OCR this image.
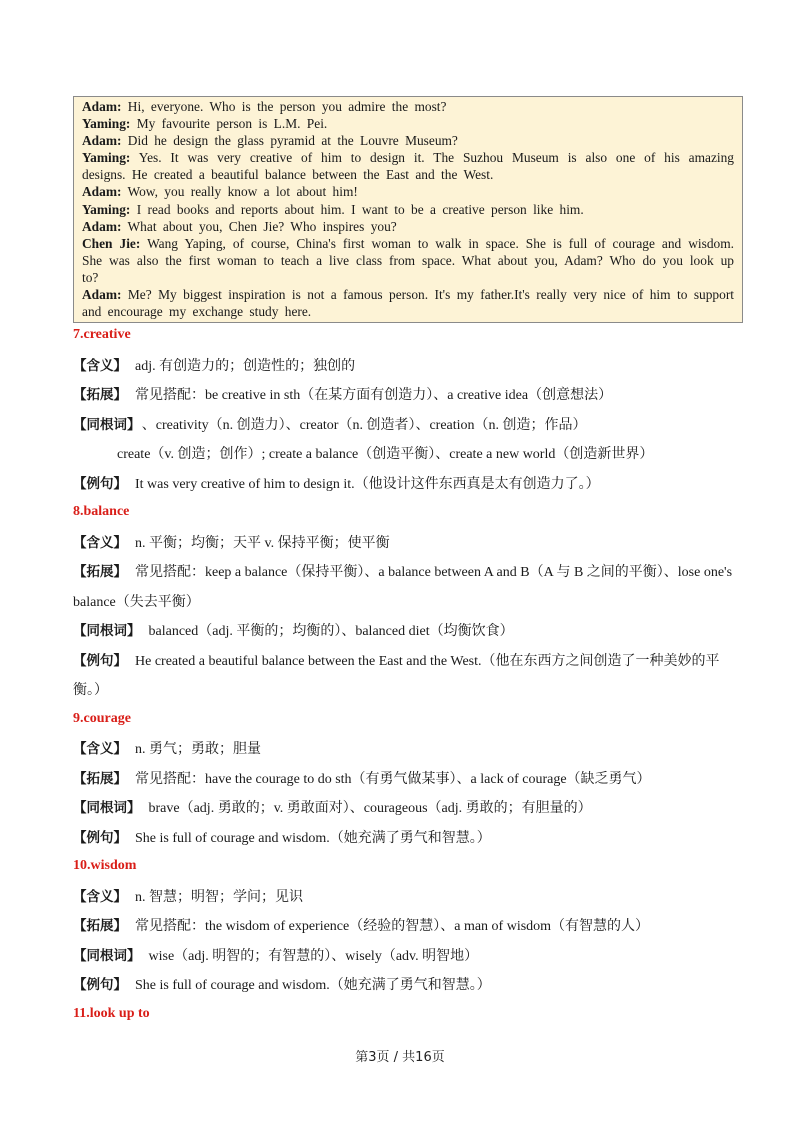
Adam: Hi, everyone. Who is the person you admire the most?

Yaming: My favourite person is L.M. Pei.

Adam: Did he design the glass pyramid at the Louvre Museum?

Yaming: Yes. It was very creative of him to design it. The Suzhou Museum is also one of his amazing designs. He created a beautiful balance between the East and the West.

Adam: Wow, you really know a lot about him!

Yaming: I read books and reports about him. I want to be a creative person like him.

Adam: What about you, Chen Jie? Who inspires you?

Chen Jie: Wang Yaping, of course, China's first woman to walk in space. She is full of courage and wisdom. She was also the first woman to teach a live class from space. What about you, Adam? Who do you look up to?

Adam: Me? My biggest inspiration is not a famous person. It's my father.It's really very nice of him to support and encourage my exchange study here.

7.creative

【含义】 adj. 有创造力的；创造性的；独创的

【拓展】 常见搭配：be creative in sth（在某方面有创造力）、a creative idea（创意想法）

【同根词】 、creativity（n. 创造力）、creator（n. 创造者）、creation（n. 创造；作品）

create（v. 创造；创作）; create a balance（创造平衡）、create a new world（创造新世界）

【例句】 It was very creative of him to design it.（他设计这件东西真是太有创造力了。）

8.balance

【含义】 n. 平衡；均衡；天平 v. 保持平衡；使平衡

【拓展】 常见搭配：keep a balance（保持平衡）、a balance between A and B（A 与 B 之间的平衡）、lose one's balance（失去平衡）

【同根词】 balanced（adj. 平衡的；均衡的）、balanced diet（均衡饮食）

【例句】 He created a beautiful balance between the East and the West.（他在东西方之间创造了一种美妙的平衡。）

9.courage

【含义】 n. 勇气；勇敢；胆量

【拓展】 常见搭配：have the courage to do sth（有勇气做某事）、a lack of courage（缺乏勇气）

【同根词】 brave（adj. 勇敢的；v. 勇敢面对）、courageous（adj. 勇敢的；有胆量的）

【例句】 She is full of courage and wisdom.（她充满了勇气和智慧。）

10.wisdom

【含义】 n. 智慧；明智；学问；见识

【拓展】 常见搭配：the wisdom of experience（经验的智慧）、a man of wisdom（有智慧的人）

【同根词】 wise（adj. 明智的；有智慧的）、wisely（adv. 明智地）

【例句】 She is full of courage and wisdom.（她充满了勇气和智慧。）

11.look up to
第3页 / 共16页
